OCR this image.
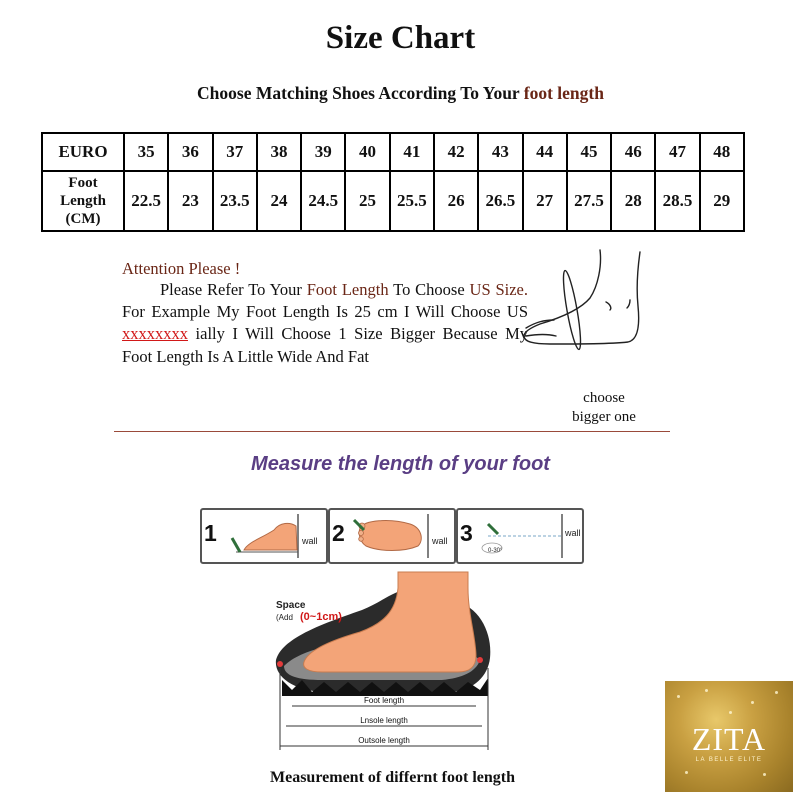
Size Chart
Choose Matching Shoes According To Your foot length
EURO	35	36	37	38	39	40	41	42	43	44	45	46	47	48
Foot
Length
(CM)	22.5	23	23.5	24	24.5	25	25.5	26	26.5	27	27.5	28	28.5	29
Attention Please !
Please Refer To Your Foot Length To Choose US Size. For Example My Foot Length Is 25 cm I Will Choose US xxxxxxxx ially I Will Choose 1 Size Bigger Because My Foot Length Is A Little Wide And Fat
choose
bigger one
Measure the length of your foot
1	wall 2	wall 3
0-30°
wall
Space
(Add (0~1cm)
Foot length
Lnsole length
Outsole length
Measurement of differnt foot length
ZITA
LA BELLE ELITE
